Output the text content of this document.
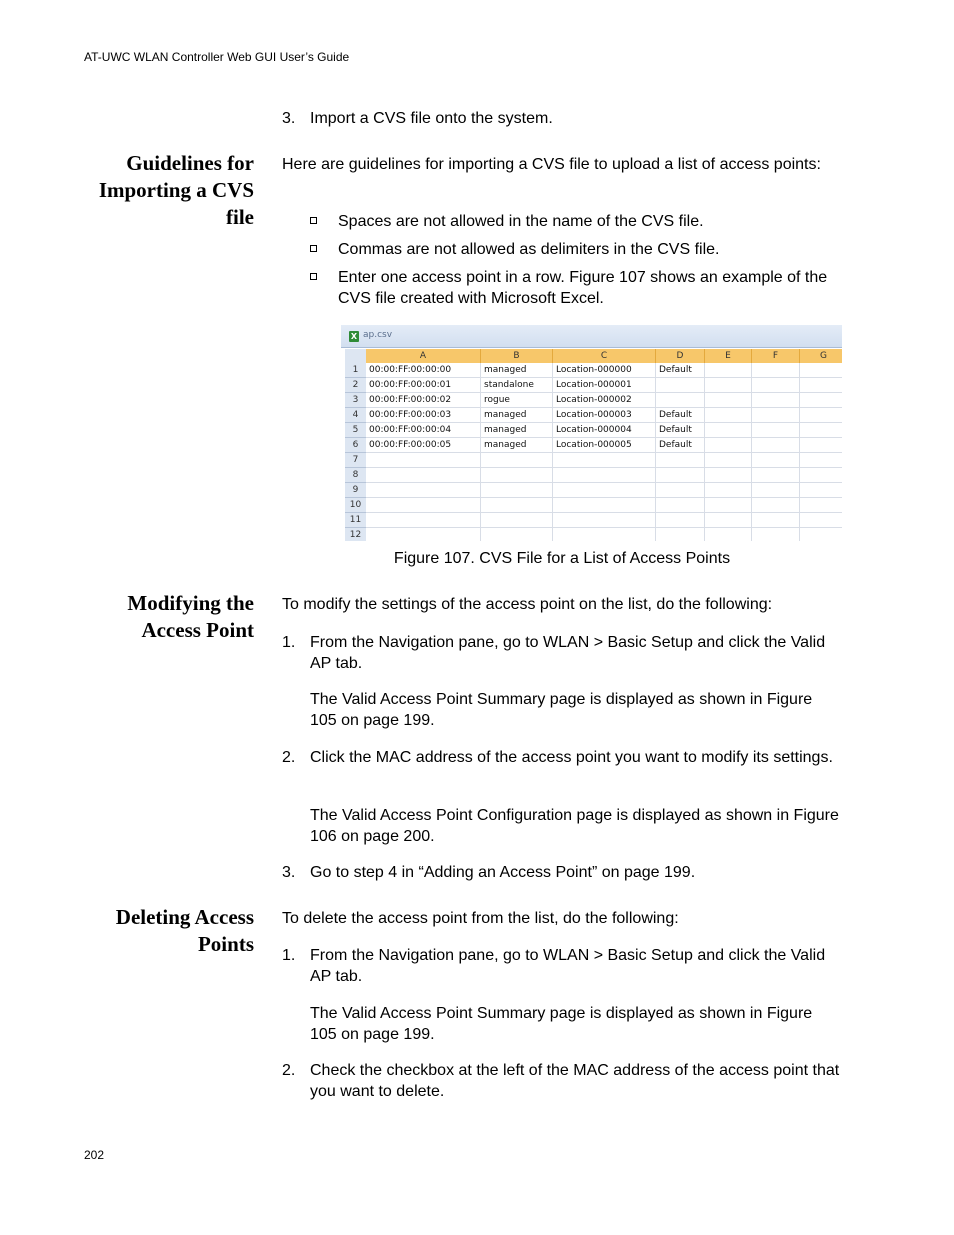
AT-UWC WLAN Controller Web GUI User’s Guide
3. Import a CVS file onto the system.
Guidelines for
Importing a CVS
file
Here are guidelines for importing a CVS file to upload a list of access points:
Spaces are not allowed in the name of the CVS file.
Commas are not allowed as delimiters in the CVS file.
Enter one access point in a row. Figure 107 shows an example of the CVS file created with Microsoft Excel.
X ap.csv
A	B	C	D	E	F	G
1	00:00:FF:00:00:00	managed	Location-000000	Default
2	00:00:FF:00:00:01	standalone	Location-000001
3	00:00:FF:00:00:02	rogue	Location-000002
4	00:00:FF:00:00:03	managed	Location-000003	Default
5	00:00:FF:00:00:04	managed	Location-000004	Default
6	00:00:FF:00:00:05	managed	Location-000005	Default
7
8
9
10
11
12
Figure 107. CVS File for a List of Access Points
Modifying the
Access Point
To modify the settings of the access point on the list, do the following:
1. From the Navigation pane, go to WLAN > Basic Setup and click the Valid AP tab.
The Valid Access Point Summary page is displayed as shown in Figure 105 on page 199.
2. Click the MAC address of the access point you want to modify its settings.
The Valid Access Point Configuration page is displayed as shown in Figure 106 on page 200.
3. Go to step 4 in “Adding an Access Point” on page 199.
Deleting Access
Points
To delete the access point from the list, do the following:
1. From the Navigation pane, go to WLAN > Basic Setup and click the Valid AP tab.
The Valid Access Point Summary page is displayed as shown in Figure 105 on page 199.
2. Check the checkbox at the left of the MAC address of the access point that you want to delete.
202
